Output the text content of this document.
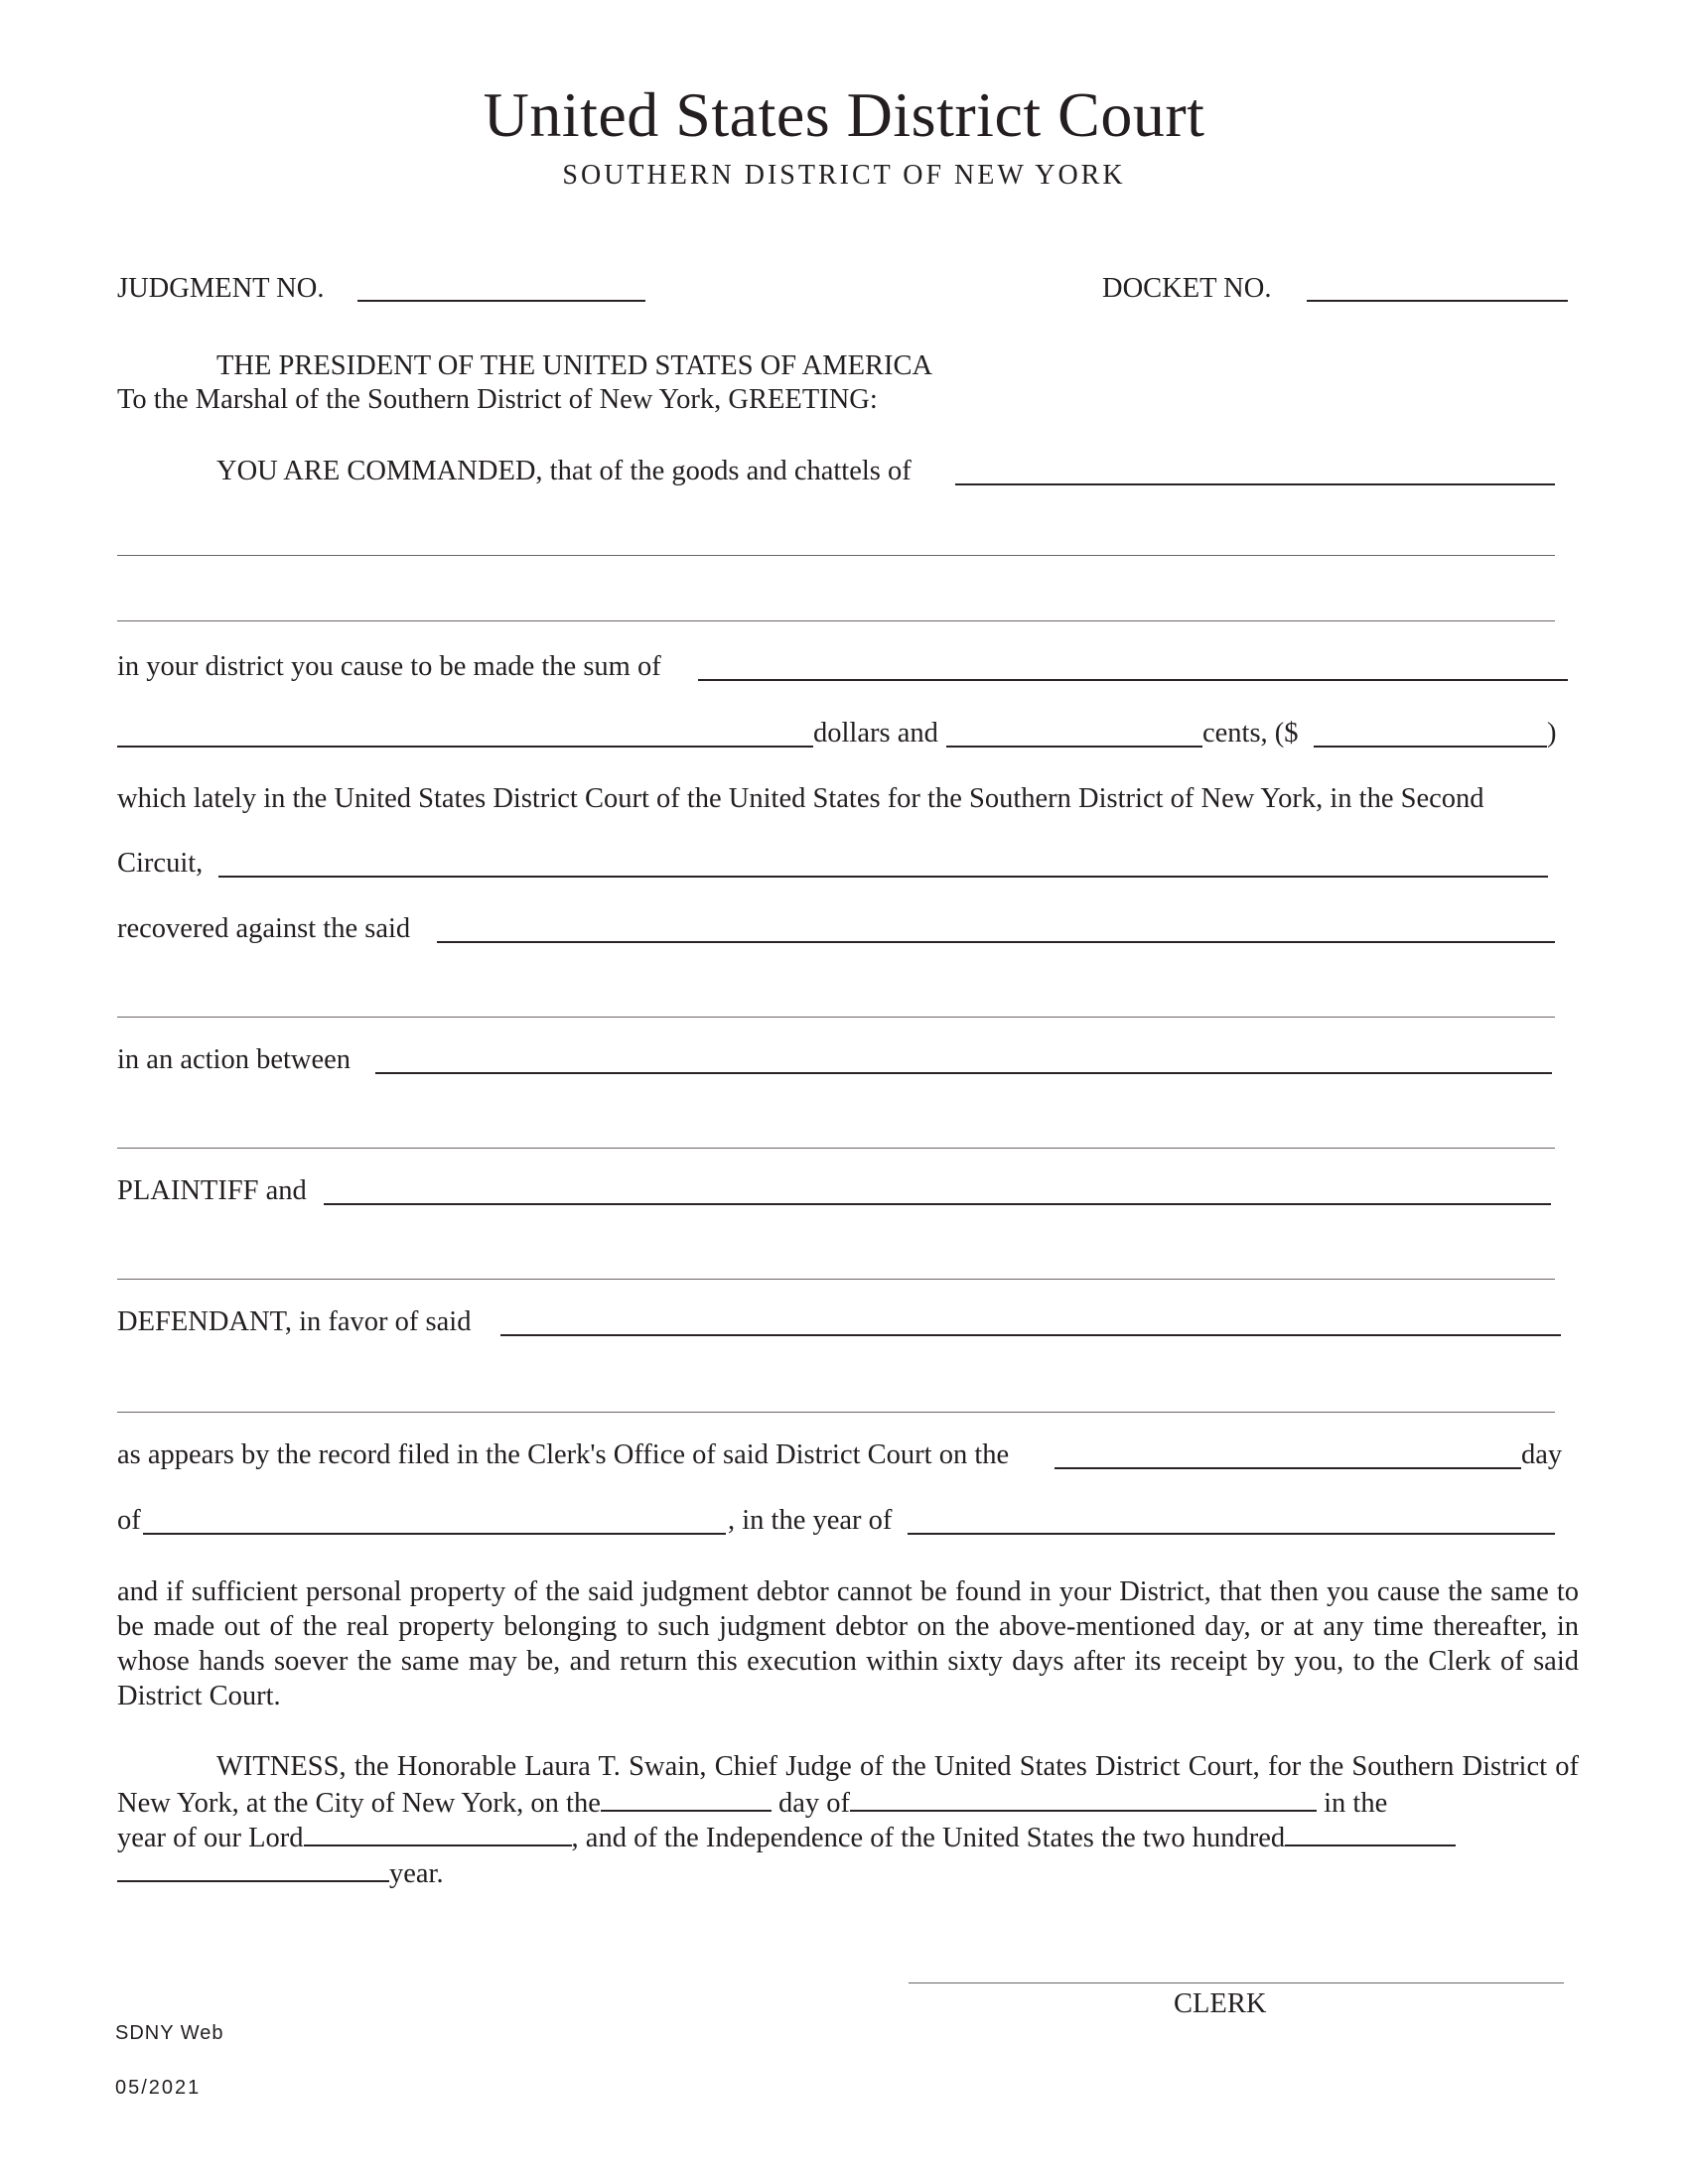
United States District Court
SOUTHERN DISTRICT OF NEW YORK
JUDGMENT NO.	DOCKET NO.
THE PRESIDENT OF THE UNITED STATES OF AMERICA
To the Marshal of the Southern District of New York, GREETING:
YOU ARE COMMANDED, that of the goods and chattels of
in your district you cause to be made the sum of
dollars and	cents, ($	)
which lately in the United States District Court of the United States for the Southern District of New York, in the Second
Circuit,
recovered against the said
in an action between
PLAINTIFF and
DEFENDANT, in favor of said
as appears by the record filed in the Clerk's Office of said District Court on the	day
of	, in the year of
and if sufficient personal property of the said judgment debtor cannot be found in your District, that then you cause the same to be made out of the real property belonging to such judgment debtor on the above-mentioned day, or at any time thereafter, in whose hands soever the same may be, and return this execution within sixty days after its receipt by you, to the Clerk of said District Court.
WITNESS, the Honorable Laura T. Swain, Chief Judge of the United States District Court, for the Southern District of New York, at the City of New York, on the	day of	in the
year of our Lord	, and of the Independence of the United States the two hundred
year.
CLERK
SDNY Web
05/2021
